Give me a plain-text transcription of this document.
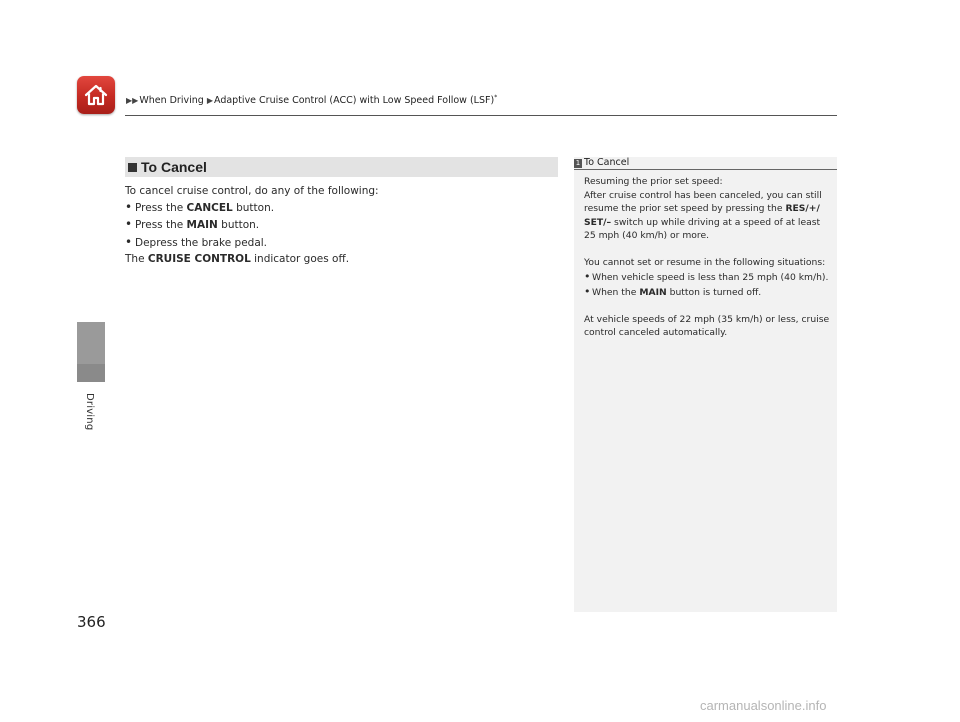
▶▶When Driving ▶Adaptive Cruise Control (ACC) with Low Speed Follow (LSF)*
Driving
To Cancel

To cancel cruise control, do any of the following:

• Press the CANCEL button.
• Press the MAIN button.
• Depress the brake pedal.

The CRUISE CONTROL indicator goes off.

1 To Cancel

Resuming the prior set speed:

After cruise control has been canceled, you can still resume the prior set speed by pressing the RES/+/ SET/– switch up while driving at a speed of at least 25 mph (40 km/h) or more.

You cannot set or resume in the following situations:

• When vehicle speed is less than 25 mph (40 km/h).

• When the MAIN button is turned off.

At vehicle speeds of 22 mph (35 km/h) or less, cruise control canceled automatically.

366
carmanualsonline.info
